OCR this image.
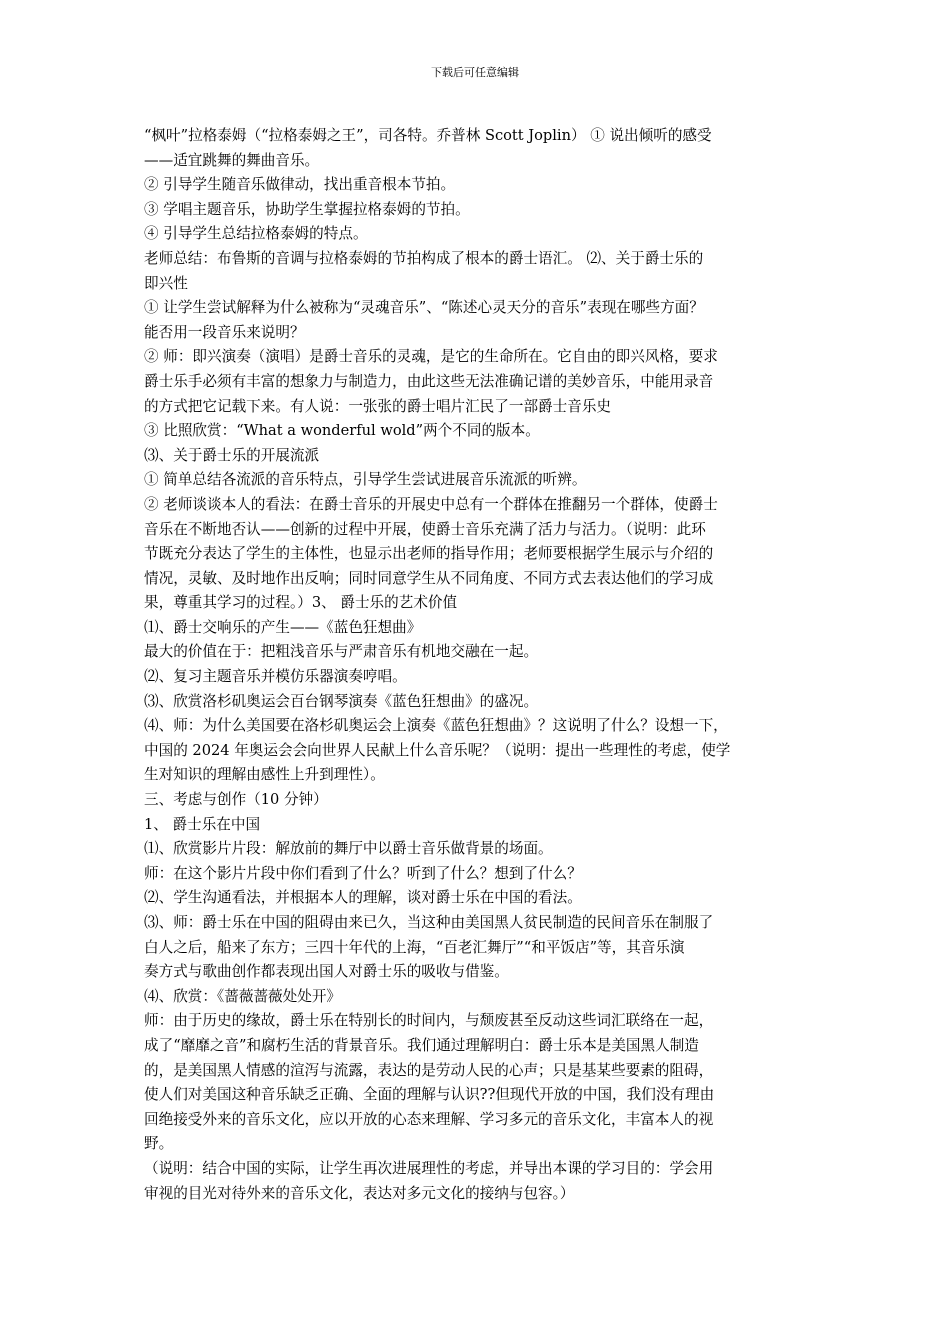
下载后可任意编辑
“枫叶”拉格泰姆（“拉格泰姆之王”，司各特。乔普林 Scott Joplin） ① 说出倾听的感受
——适宜跳舞的舞曲音乐。
② 引导学生随音乐做律动，找出重音根本节拍。
③ 学唱主题音乐，协助学生掌握拉格泰姆的节拍。
④ 引导学生总结拉格泰姆的特点。
老师总结：布鲁斯的音调与拉格泰姆的节拍构成了根本的爵士语汇。 ⑵、关于爵士乐的
即兴性
① 让学生尝试解释为什么被称为“灵魂音乐”、“陈述心灵天分的音乐”表现在哪些方面？
能否用一段音乐来说明？
② 师：即兴演奏（演唱）是爵士音乐的灵魂，是它的生命所在。它自由的即兴风格，要求
爵士乐手必须有丰富的想象力与制造力，由此这些无法准确记谱的美妙音乐，中能用录音
的方式把它记载下来。有人说：一张张的爵士唱片汇民了一部爵士音乐史
③ 比照欣赏：“What a wonderful wold”两个不同的版本。
⑶、关于爵士乐的开展流派
① 简单总结各流派的音乐特点，引导学生尝试进展音乐流派的听辨。
② 老师谈谈本人的看法：在爵士音乐的开展史中总有一个群体在推翻另一个群体，使爵士
音乐在不断地否认——创新的过程中开展，使爵士音乐充满了活力与活力。（说明：此环
节既充分表达了学生的主体性，也显示出老师的指导作用；老师要根据学生展示与介绍的
情况，灵敏、及时地作出反响；同时同意学生从不同角度、不同方式去表达他们的学习成
果，尊重其学习的过程。）3、 爵士乐的艺术价值
⑴、爵士交响乐的产生——《蓝色狂想曲》
最大的价值在于：把粗浅音乐与严肃音乐有机地交融在一起。
⑵、复习主题音乐并模仿乐器演奏哼唱。
⑶、欣赏洛杉矶奥运会百台钢琴演奏《蓝色狂想曲》的盛况。
⑷、师：为什么美国要在洛杉矶奥运会上演奏《蓝色狂想曲》？这说明了什么？设想一下，
中国的 2024 年奥运会会向世界人民献上什么音乐呢？（说明：提出一些理性的考虑，使学
生对知识的理解由感性上升到理性）。
三、考虑与创作（10 分钟）
1、 爵士乐在中国
⑴、欣赏影片片段：解放前的舞厅中以爵士音乐做背景的场面。
师：在这个影片片段中你们看到了什么？听到了什么？想到了什么？
⑵、学生沟通看法，并根据本人的理解，谈对爵士乐在中国的看法。
⑶、师：爵士乐在中国的阻碍由来已久，当这种由美国黑人贫民制造的民间音乐在制服了
白人之后，船来了东方；三四十年代的上海，“百老汇舞厅”“和平饭店”等，其音乐演
奏方式与歌曲创作都表现出国人对爵士乐的吸收与借鉴。
⑷、欣赏：《蔷薇蔷薇处处开》
师：由于历史的缘故，爵士乐在特别长的时间内，与颓废甚至反动这些词汇联络在一起，
成了“靡靡之音”和腐朽生活的背景音乐。我们通过理解明白：爵士乐本是美国黑人制造
的，是美国黑人情感的渲泻与流露，表达的是劳动人民的心声；只是基某些要素的阻碍，
使人们对美国这种音乐缺乏正确、全面的理解与认识??但现代开放的中国，我们没有理由
回绝接受外来的音乐文化，应以开放的心态来理解、学习多元的音乐文化，丰富本人的视
野。
（说明：结合中国的实际，让学生再次进展理性的考虑，并导出本课的学习目的：学会用
审视的目光对待外来的音乐文化，表达对多元文化的接纳与包容。）
